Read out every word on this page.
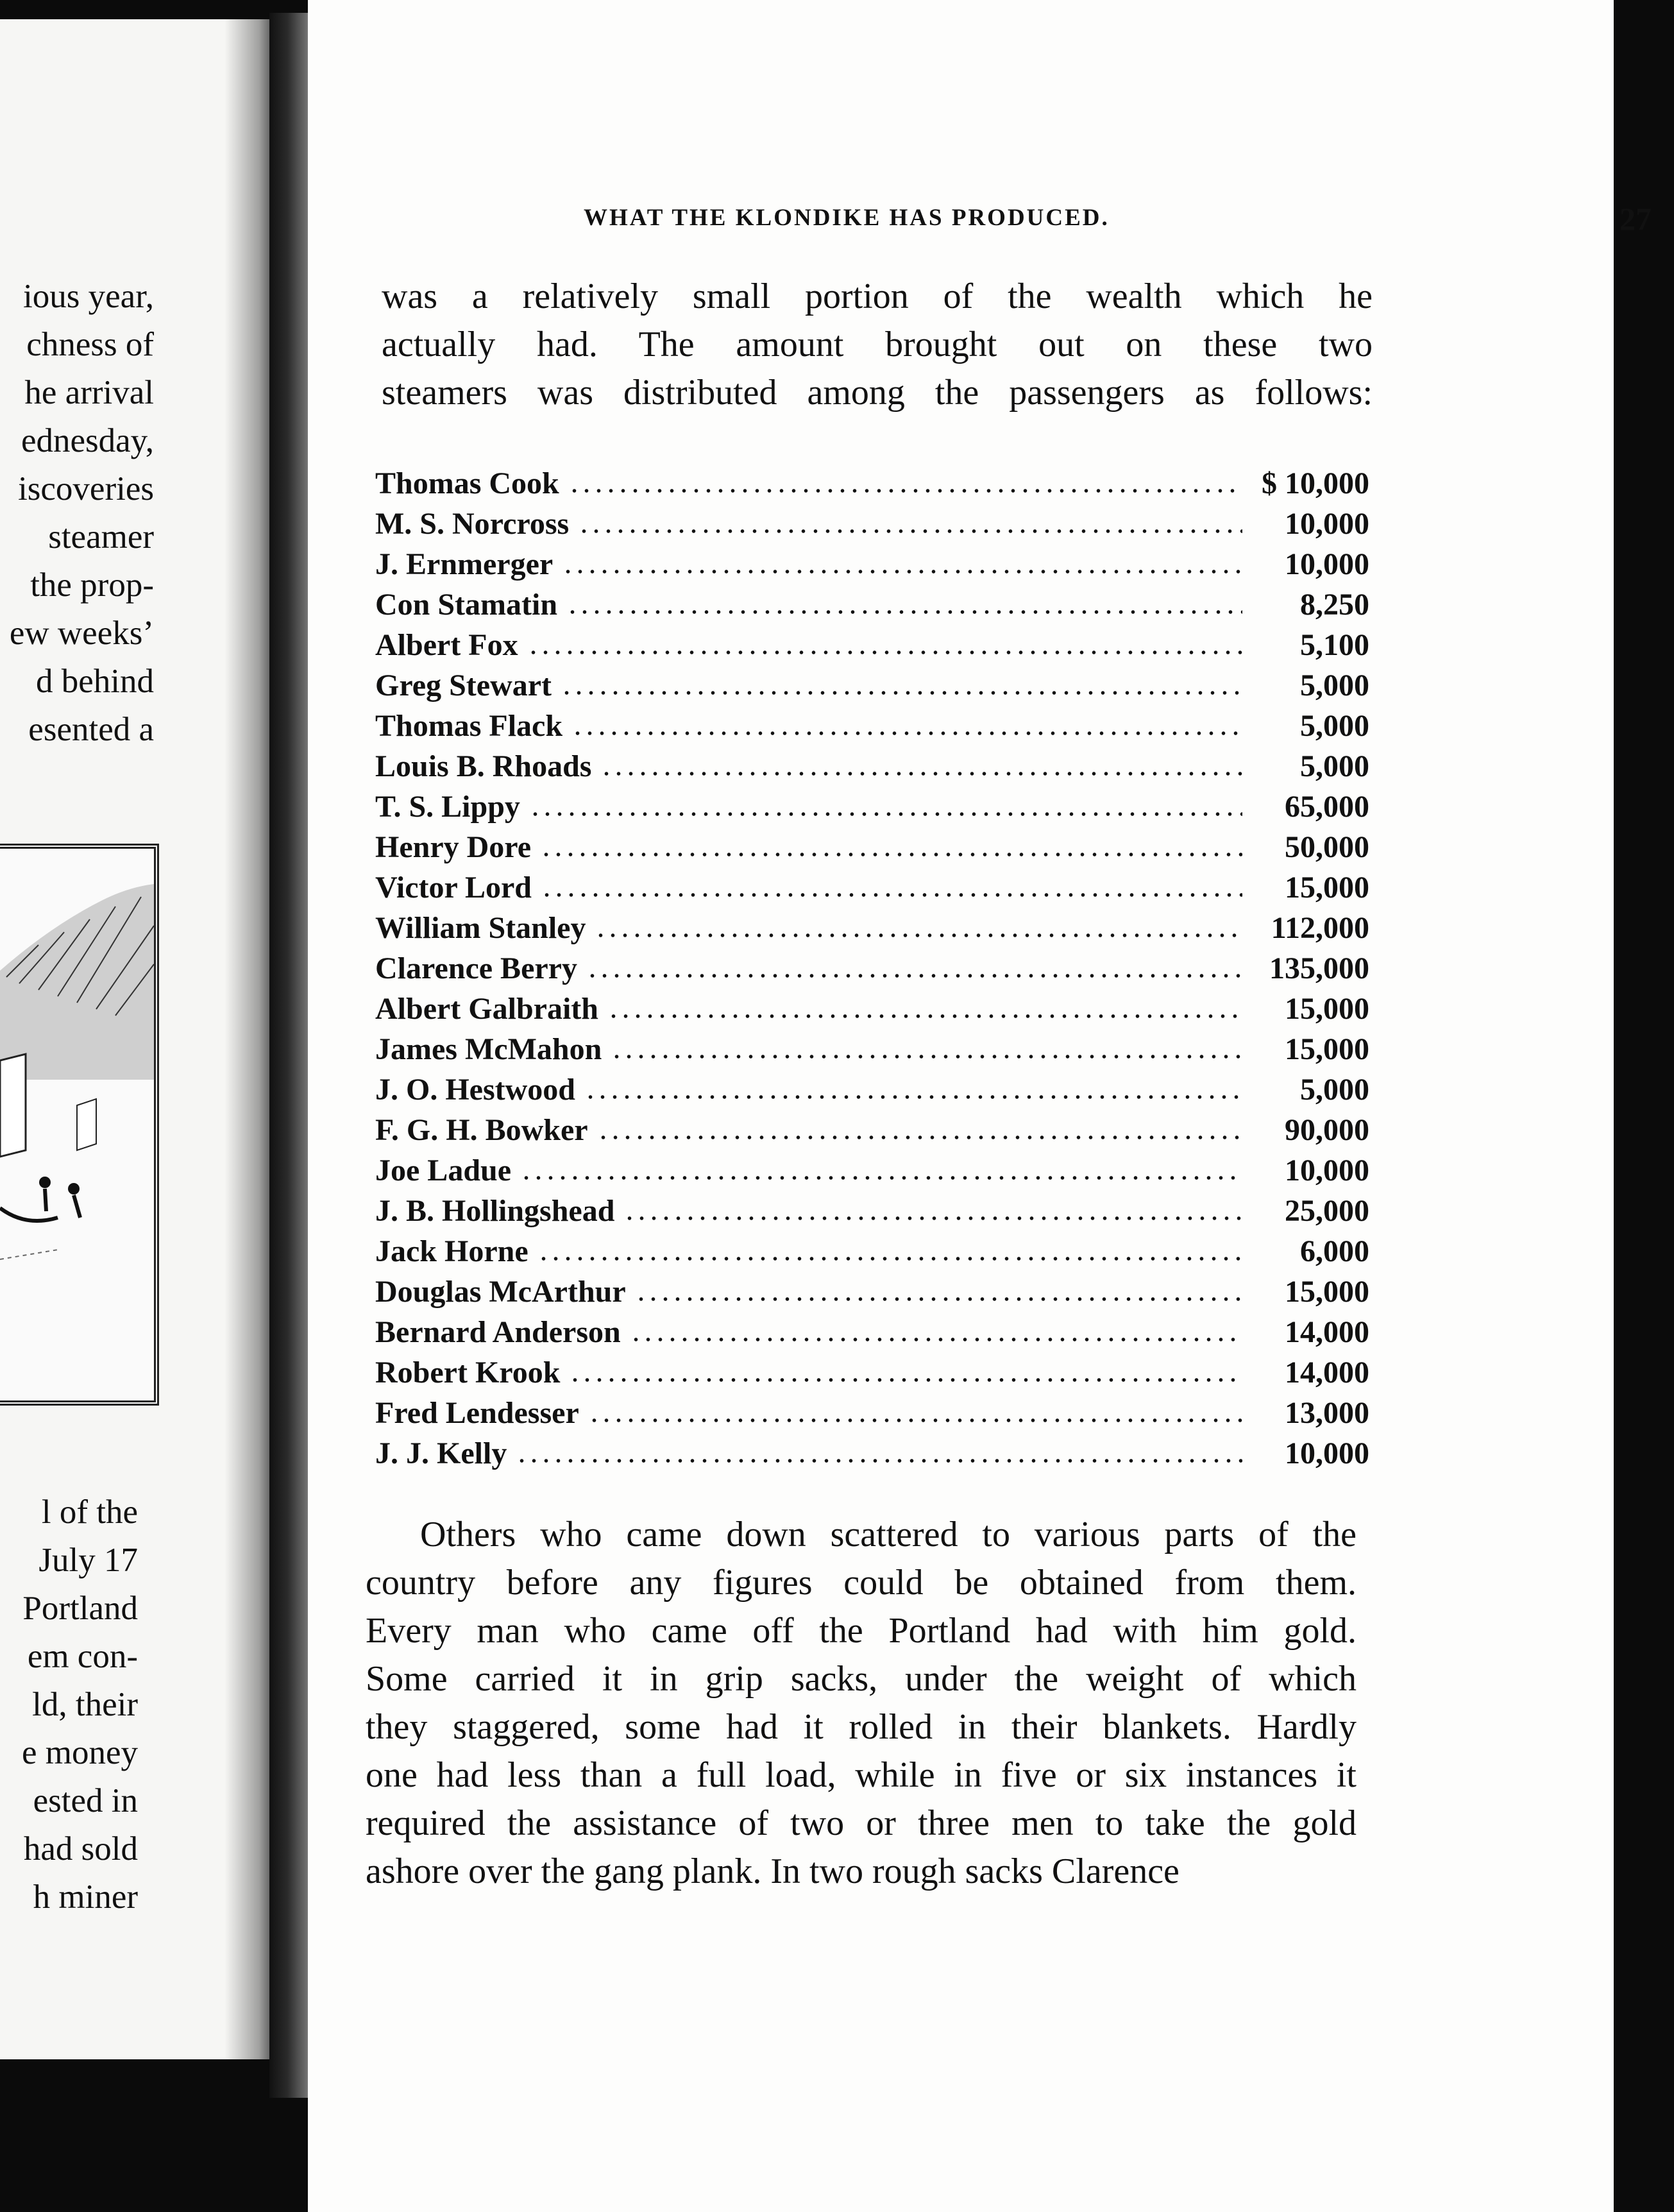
ious year,
chness of
he arrival
ednesday,
iscoveries
steamer
the prop-
ew weeks’
d behind
esented a
l of the
July 17
Portland
em con-
ld, their
e money
ested in
had sold
h miner
WHAT THE KLONDIKE HAS PRODUCED.	27
was a relatively small portion of the wealth which he
actually had. The amount brought out on these two
steamers was distributed among the passengers as follows:
Thomas Cook	$ 10,000
M. S. Norcross	10,000
J. Ernmerger	10,000
Con Stamatin	8,250
Albert Fox	5,100
Greg Stewart	5,000
Thomas Flack	5,000
Louis B. Rhoads	5,000
T. S. Lippy	65,000
Henry Dore	50,000
Victor Lord	15,000
William Stanley	112,000
Clarence Berry	135,000
Albert Galbraith	15,000
James McMahon	15,000
J. O. Hestwood	5,000
F. G. H. Bowker	90,000
Joe Ladue	10,000
J. B. Hollingshead	25,000
Jack Horne	6,000
Douglas McArthur	15,000
Bernard Anderson	14,000
Robert Krook	14,000
Fred Lendesser	13,000
J. J. Kelly	10,000
Others who came down scattered to various parts of the
country before any figures could be obtained from them.
Every man who came off the Portland had with him gold.
Some carried it in grip sacks, under the weight of which
they staggered, some had it rolled in their blankets. Hardly
one had less than a full load, while in five or six instances it
required the assistance of two or three men to take the gold
ashore over the gang plank. In two rough sacks Clarence
